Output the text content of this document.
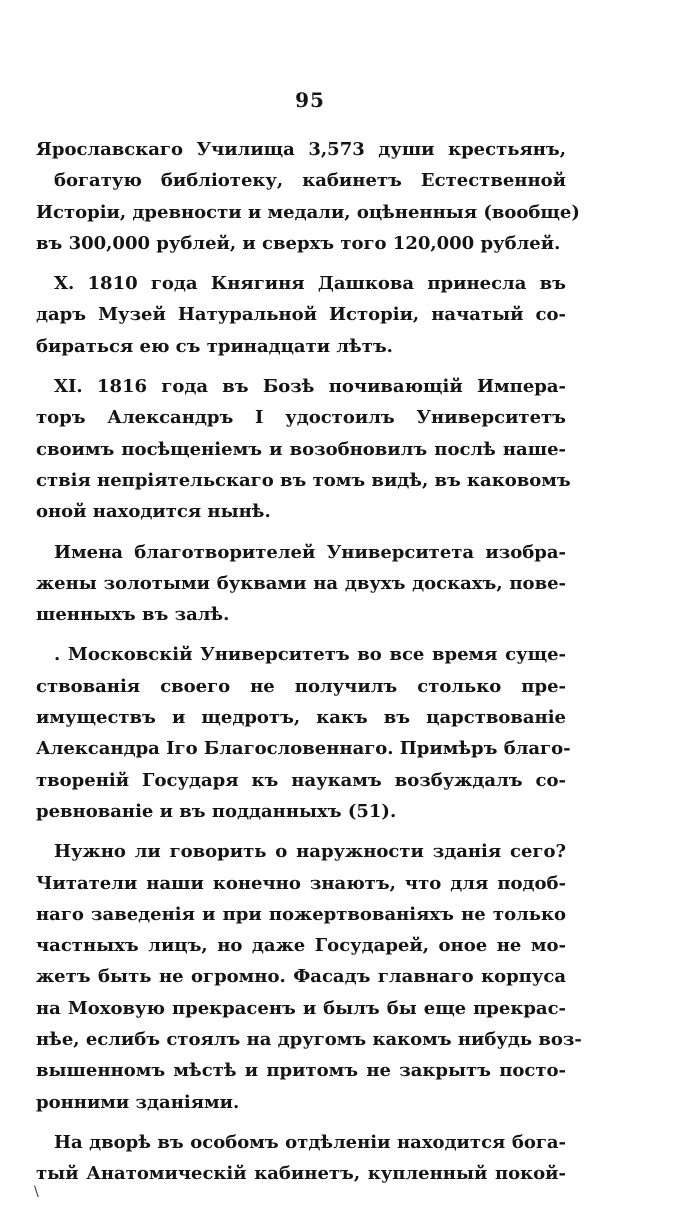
95
Ярославскаго Училища 3,573 души крестьянъ,
богатую библіотеку, кабинетъ Естественной
Исторіи, древности и медали, оцѣненныя (вообще)
въ 300,000 рублей, и сверхъ того 120,000 рублей.
X. 1810 года Княгиня Дашкова принесла въ
даръ Музей Натуральной Исторіи, начатый со-
бираться ею съ тринадцати лѣтъ.
XI. 1816 года въ Бозѣ почивающій Импера-
торъ Александръ I удостоилъ Университетъ
своимъ посѣщеніемъ и возобновилъ послѣ наше-
ствія непріятельскаго въ томъ видѣ, въ каковомъ
оной находится нынѣ.
Имена благотворителей Университета изобра-
жены золотыми буквами на двухъ доскахъ, пове-
шенныхъ въ залѣ.
. Московскій Университетъ во все время суще-
ствованія своего не получилъ столько пре-
имуществъ и щедротъ, какъ въ царствованіе
Александра Iго Благословеннаго. Примѣръ благо-
твореній Государя къ наукамъ возбуждалъ со-
ревнованіе и въ подданныхъ (51).
Нужно ли говорить о наружности зданія сего?
Читатели наши конечно знаютъ, что для подоб-
наго заведенія и при пожертвованіяхъ не только
частныхъ лицъ, но даже Государей, оное не мо-
жетъ быть не огромно. Фасадъ главнаго корпуса
на Моховую прекрасенъ и былъ бы еще прекрас-
нѣе, еслибъ стоялъ на другомъ какомъ нибудь воз-
вышенномъ мѣстѣ и притомъ не закрытъ посто-
ронними зданіями.
На дворѣ въ особомъ отдѣленіи находится бога-
тый Анатомическій кабинетъ, купленный покой-
\
